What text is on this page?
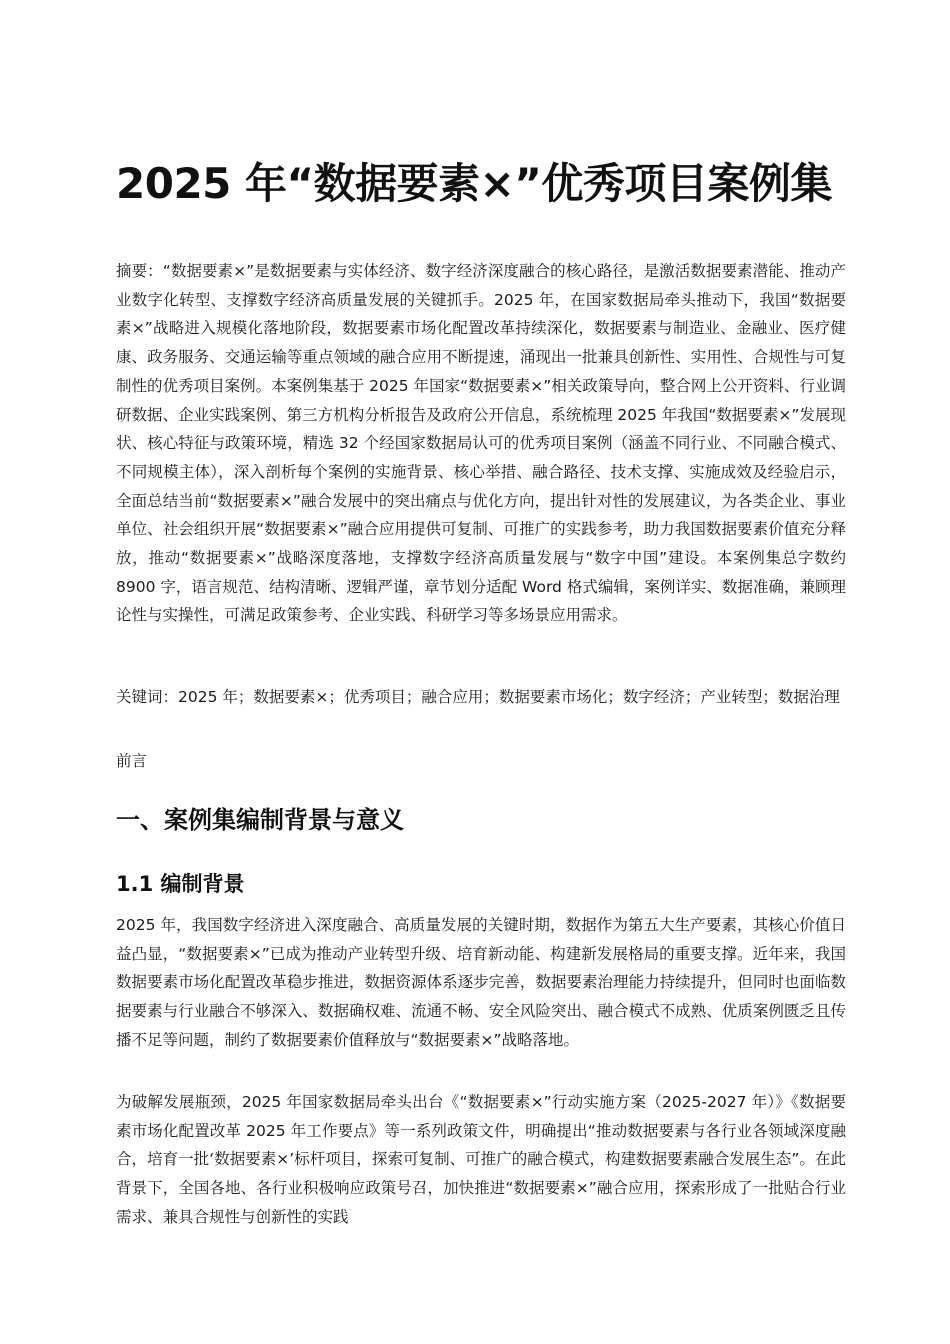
2025 年“数据要素×”优秀项目案例集

摘要：“数据要素×”是数据要素与实体经济、数字经济深度融合的核心路径，是激活数据要素潜能、推动产业数字化转型、支撑数字经济高质量发展的关键抓手。2025 年，在国家数据局牵头推动下，我国“数据要素×”战略进入规模化落地阶段，数据要素市场化配置改革持续深化，数据要素与制造业、金融业、医疗健康、政务服务、交通运输等重点领域的融合应用不断提速，涌现出一批兼具创新性、实用性、合规性与可复制性的优秀项目案例。本案例集基于 2025 年国家“数据要素×”相关政策导向，整合网上公开资料、行业调研数据、企业实践案例、第三方机构分析报告及政府公开信息，系统梳理 2025 年我国“数据要素×”发展现状、核心特征与政策环境，精选 32 个经国家数据局认可的优秀项目案例（涵盖不同行业、不同融合模式、不同规模主体），深入剖析每个案例的实施背景、核心举措、融合路径、技术支撑、实施成效及经验启示，全面总结当前“数据要素×”融合发展中的突出痛点与优化方向，提出针对性的发展建议，为各类企业、事业单位、社会组织开展“数据要素×”融合应用提供可复制、可推广的实践参考，助力我国数据要素价值充分释放，推动“数据要素×”战略深度落地，支撑数字经济高质量发展与“数字中国”建设。本案例集总字数约 8900 字，语言规范、结构清晰、逻辑严谨，章节划分适配 Word 格式编辑，案例详实、数据准确，兼顾理论性与实操性，可满足政策参考、企业实践、科研学习等多场景应用需求。

关键词：2025 年；数据要素×；优秀项目；融合应用；数据要素市场化；数字经济；产业转型；数据治理

前言

一、案例集编制背景与意义
1.1 编制背景

2025 年，我国数字经济进入深度融合、高质量发展的关键时期，数据作为第五大生产要素，其核心价值日益凸显，“数据要素×”已成为推动产业转型升级、培育新动能、构建新发展格局的重要支撑。近年来，我国数据要素市场化配置改革稳步推进，数据资源体系逐步完善，数据要素治理能力持续提升，但同时也面临数据要素与行业融合不够深入、数据确权难、流通不畅、安全风险突出、融合模式不成熟、优质案例匮乏且传播不足等问题，制约了数据要素价值释放与“数据要素×”战略落地。

为破解发展瓶颈，2025 年国家数据局牵头出台《“数据要素×”行动实施方案（2025-2027 年）》《数据要素市场化配置改革 2025 年工作要点》等一系列政策文件，明确提出“推动数据要素与各行业各领域深度融合，培育一批‘数据要素×’标杆项目，探索可复制、可推广的融合模式，构建数据要素融合发展生态”。在此背景下，全国各地、各行业积极响应政策号召，加快推进“数据要素×”融合应用，探索形成了一批贴合行业需求、兼具合规性与创新性的实践
